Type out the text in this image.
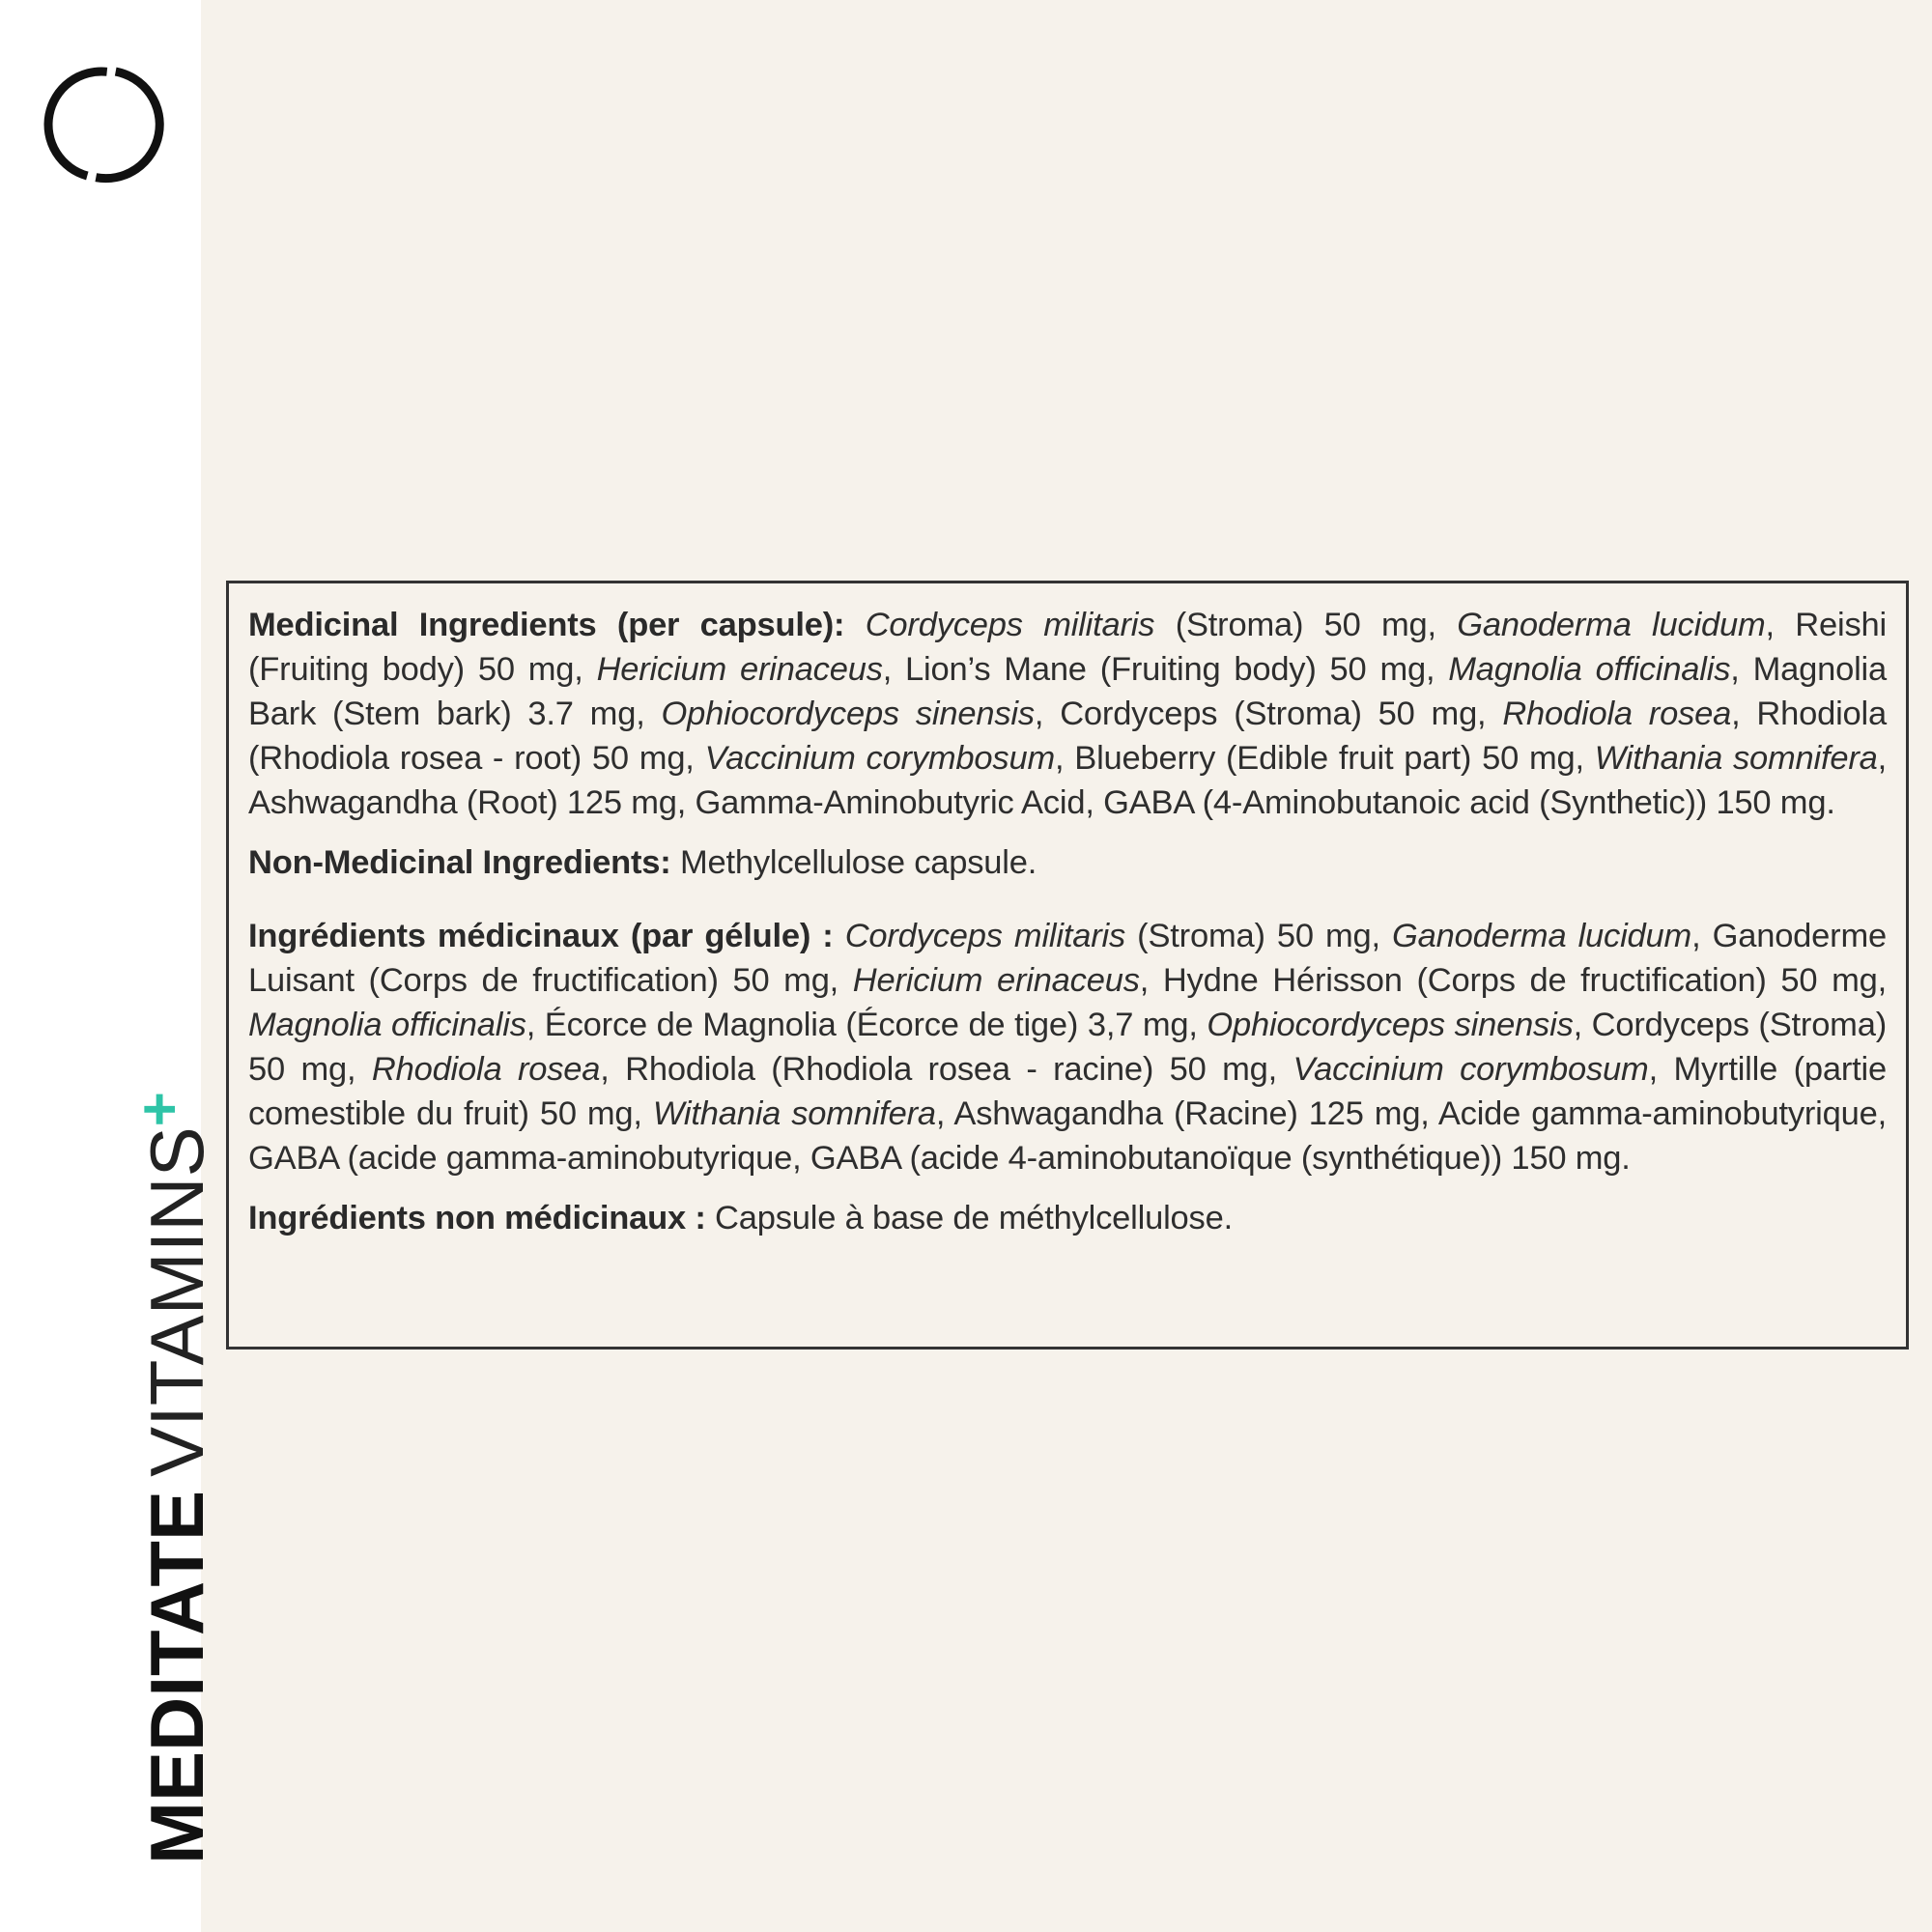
MEDITATEVITAMINS+

Medicinal Ingredients (per capsule): Cordyceps militaris (Stroma) 50 mg, Ganoderma lucidum, Reishi (Fruiting body) 50 mg, Hericium erinaceus, Lion’s Mane (Fruiting body) 50 mg, Magnolia officinalis, Magnolia Bark (Stem bark) 3.7 mg, Ophiocordyceps sinensis, Cordyceps (Stroma) 50 mg, Rhodiola rosea, Rhodiola (Rhodiola rosea - root) 50 mg, Vaccinium corymbosum, Blueberry (Edible fruit part) 50 mg, Withania somnifera, Ashwagandha (Root) 125 mg, Gamma-Aminobutyric Acid, GABA (4-Aminobutanoic acid (Synthetic)) 150 mg.

Non-Medicinal Ingredients: Methylcellulose capsule.

Ingrédients médicinaux (par gélule) : Cordyceps militaris (Stroma) 50 mg, Ganoderma lucidum, Ganoderme Luisant (Corps de fructification) 50 mg, Hericium erinaceus, Hydne Hérisson (Corps de fructification) 50 mg, Magnolia officinalis, Écorce de Magnolia (Écorce de tige) 3,7 mg, Ophiocordyceps sinensis, Cordyceps (Stroma) 50 mg, Rhodiola rosea, Rhodiola (Rhodiola rosea - racine) 50 mg, Vaccinium corymbosum, Myrtille (partie comestible du fruit) 50 mg, Withania somnifera, Ashwagandha (Racine) 125 mg, Acide gamma-aminobutyrique, GABA (acide gamma-aminobutyrique, GABA (acide 4-aminobutanoïque (synthétique)) 150 mg.

Ingrédients non médicinaux : Capsule à base de méthylcellulose.
